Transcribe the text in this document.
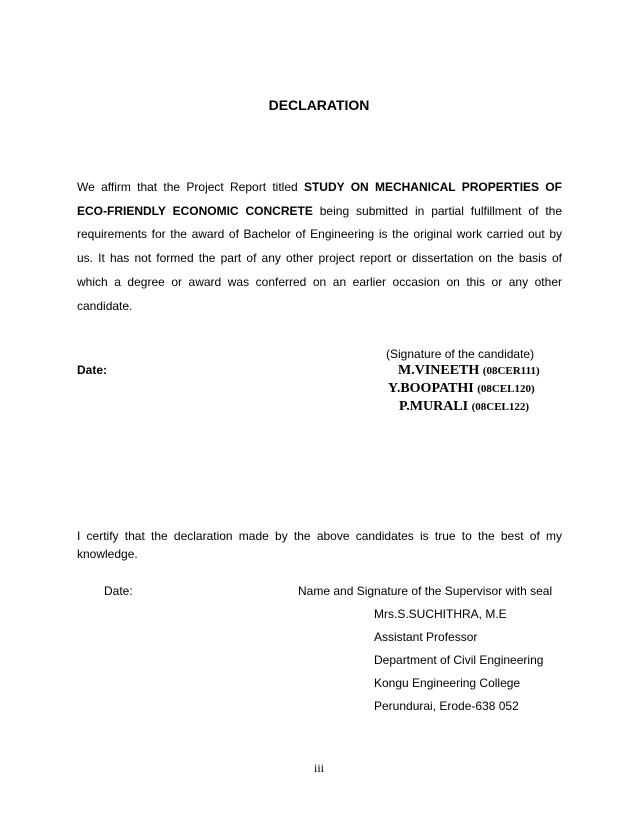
DECLARATION
We affirm that the Project Report titled STUDY ON MECHANICAL PROPERTIES OF ECO-FRIENDLY ECONOMIC CONCRETE being submitted in partial fulfillment of the requirements for the award of Bachelor of Engineering is the original work carried out by us. It has not formed the part of any other project report or dissertation on the basis of which a degree or award was conferred on an earlier occasion on this or any other candidate.
(Signature of the candidate)
Date:	M.VINEETH (08CER111)
Y.BOOPATHI (08CEL120)
P.MURALI (08CEL122)
I certify that the declaration made by the above candidates is true to the best of my knowledge.
Date:	Name and Signature of the Supervisor with seal
Mrs.S.SUCHITHRA, M.E
Assistant Professor
Department of Civil Engineering
Kongu Engineering College
Perundurai, Erode-638 052
iii
